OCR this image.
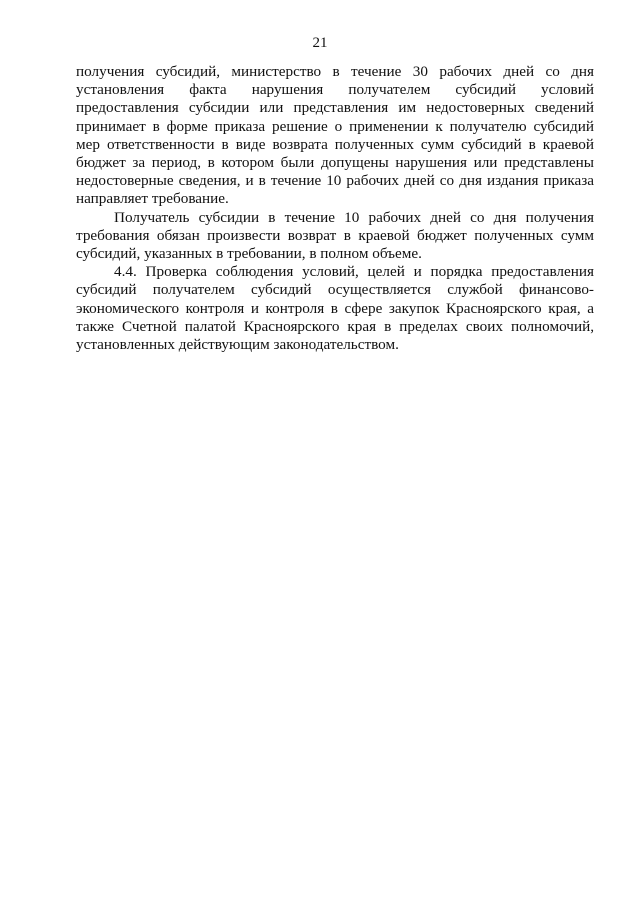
21

получения субсидий, министерство в течение 30 рабочих дней со дня установления факта нарушения получателем субсидий условий предоставления субсидии или представления им недостоверных сведений принимает в форме приказа решение о применении к получателю субсидий мер ответственности в виде возврата полученных сумм субсидий в краевой бюджет за период, в котором были допущены нарушения или представлены недостоверные сведения, и в течение 10 рабочих дней со дня издания приказа направляет требование.

Получатель субсидии в течение 10 рабочих дней со дня получения требования обязан произвести возврат в краевой бюджет полученных сумм субсидий, указанных в требовании, в полном объеме.

4.4. Проверка соблюдения условий, целей и порядка предоставления субсидий получателем субсидий осуществляется службой финансово-экономического контроля и контроля в сфере закупок Красноярского края, а также Счетной палатой Красноярского края в пределах своих полномочий, установленных действующим законодательством.
